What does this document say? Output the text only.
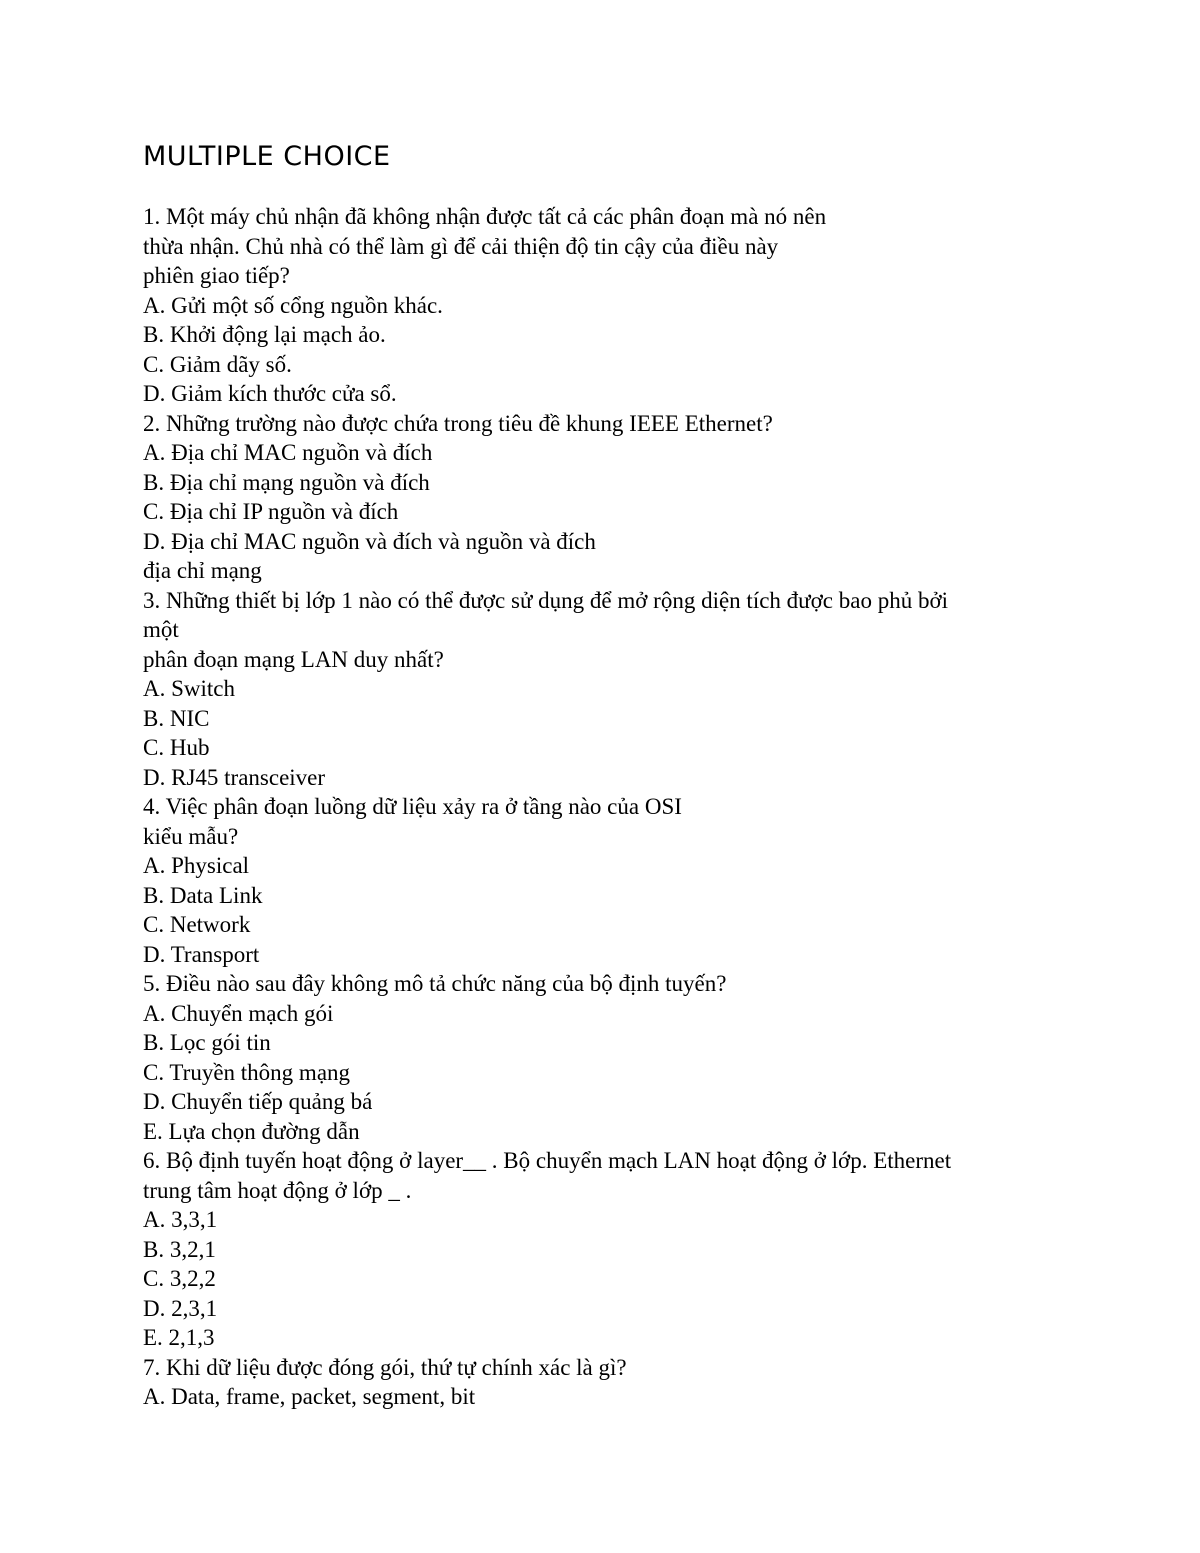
MULTIPLE CHOICE
1. Một máy chủ nhận đã không nhận được tất cả các phân đoạn mà nó nên
thừa nhận. Chủ nhà có thể làm gì để cải thiện độ tin cậy của điều này
phiên giao tiếp?
A. Gửi một số cổng nguồn khác.
B. Khởi động lại mạch ảo.
C. Giảm dãy số.
D. Giảm kích thước cửa sổ.
2. Những trường nào được chứa trong tiêu đề khung IEEE Ethernet?
A. Địa chỉ MAC nguồn và đích
B. Địa chỉ mạng nguồn và đích
C. Địa chỉ IP nguồn và đích
D. Địa chỉ MAC nguồn và đích và nguồn và đích
địa chỉ mạng
3. Những thiết bị lớp 1 nào có thể được sử dụng để mở rộng diện tích được bao phủ bởi
một
phân đoạn mạng LAN duy nhất?
A. Switch
B. NIC
C. Hub
D. RJ45 transceiver
4. Việc phân đoạn luồng dữ liệu xảy ra ở tầng nào của OSI
kiểu mẫu?
A. Physical
B. Data Link
C. Network
D. Transport
5. Điều nào sau đây không mô tả chức năng của bộ định tuyến?
A. Chuyển mạch gói
B. Lọc gói tin
C. Truyền thông mạng
D. Chuyển tiếp quảng bá
E. Lựa chọn đường dẫn
6. Bộ định tuyến hoạt động ở layer__ . Bộ chuyển mạch LAN hoạt động ở lớp. Ethernet
trung tâm hoạt động ở lớp _ .
A. 3,3,1
B. 3,2,1
C. 3,2,2
D. 2,3,1
E. 2,1,3
7. Khi dữ liệu được đóng gói, thứ tự chính xác là gì?
A. Data, frame, packet, segment, bit
